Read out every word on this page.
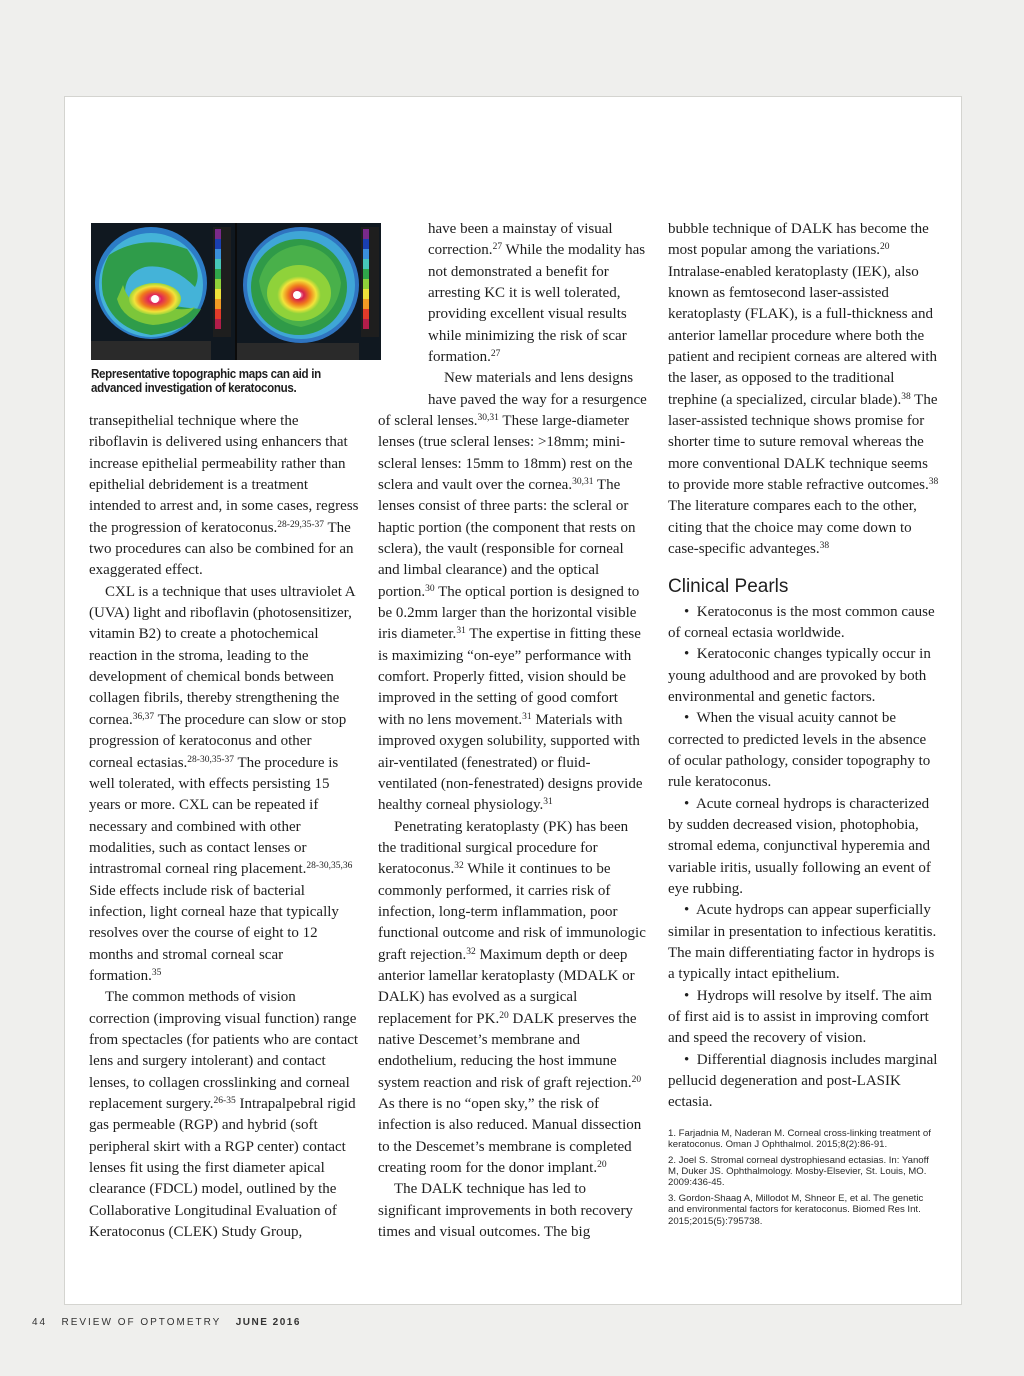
Representative topographic maps can aid in advanced investigation of keratoconus.

transepithelial technique where the riboflavin is delivered using enhancers that increase epithelial permeability rather than epithelial debridement is a treatment intended to arrest and, in some cases, regress the progression of keratoconus.$^{28-29,35-37}$ The two procedures can also be combined for an exaggerated effect.

CXL is a technique that uses ultraviolet A (UVA) light and riboflavin (photosensitizer, vitamin B2) to create a photochemical reaction in the stroma, leading to the development of chemical bonds between collagen fibrils, thereby strengthening the cornea.$^{36,37}$ The procedure can slow or stop progression of keratoconus and other corneal ectasias.$^{28-30,35-37}$ The procedure is well tolerated, with effects persisting 15 years or more. CXL can be repeated if necessary and combined with other modalities, such as contact lenses or intrastromal corneal ring placement.$^{28-30,35,36}$ Side effects include risk of bacterial infection, light corneal haze that typically resolves over the course of eight to 12 months and stromal corneal scar formation.$^{35}$

The common methods of vision correction (improving visual function) range from spectacles (for patients who are contact lens and surgery intolerant) and contact lenses, to collagen crosslinking and corneal replacement surgery.$^{26-35}$ Intrapalpebral rigid gas permeable (RGP) and hybrid (soft peripheral skirt with a RGP center) contact lenses fit using the first diameter apical clearance (FDCL) model, outlined by the Collaborative Longitudinal Evaluation of Keratoconus (CLEK) Study Group,

have been a mainstay of visual correction.$^{27}$ While the modality has not demonstrated a benefit for arresting KC it is well tolerated, providing excellent visual results while minimizing the risk of scar formation.$^{27}$

New materials and lens designs
have paved the way for a resurgence

of scleral lenses.$^{30,31}$ These large-diameter lenses (true scleral lenses: >18mm; mini-scleral lenses: 15mm to 18mm) rest on the sclera and vault over the cornea.$^{30,31}$ The lenses consist of three parts: the scleral or haptic portion (the component that rests on sclera), the vault (responsible for corneal and limbal clearance) and the optical portion.$^{30}$ The optical portion is designed to be 0.2mm larger than the horizontal visible iris diameter.$^{31}$ The expertise in fitting these is maximizing “on-eye” performance with comfort. Properly fitted, vision should be improved in the setting of good comfort with no lens movement.$^{31}$ Materials with improved oxygen solubility, supported with air-ventilated (fenestrated) or fluid-ventilated (non-fenestrated) designs provide healthy corneal physiology.$^{31}$

Penetrating keratoplasty (PK) has been the traditional surgical procedure for keratoconus.$^{32}$ While it continues to be commonly performed, it carries risk of infection, long-term inflammation, poor functional outcome and risk of immunologic graft rejection.$^{32}$ Maximum depth or deep anterior lamellar keratoplasty (MDALK or DALK) has evolved as a surgical replacement for PK.$^{20}$ DALK preserves the native Descemet’s membrane and endothelium, reducing the host immune system reaction and risk of graft rejection.$^{20}$ As there is no “open sky,” the risk of infection is also reduced. Manual dissection to the Descemet’s membrane is completed creating room for the donor implant.$^{20}$

The DALK technique has led to significant improvements in both recovery times and visual outcomes. The big

bubble technique of DALK has become the most popular among the variations.$^{20}$ Intralase-enabled keratoplasty (IEK), also known as femtosecond laser-assisted keratoplasty (FLAK), is a full-thickness and anterior lamellar procedure where both the patient and recipient corneas are altered with the laser, as opposed to the traditional trephine (a specialized, circular blade).$^{38}$ The laser-assisted technique shows promise for shorter time to suture removal whereas the more conventional DALK technique seems to provide more stable refractive outcomes.$^{38}$ The literature compares each to the other, citing that the choice may come down to case-specific advanteges.$^{38}$

Clinical Pearls

•  Keratoconus is the most common cause of corneal ectasia worldwide.

•  Keratoconic changes typically occur in young adulthood and are provoked by both environmental and genetic factors.

•  When the visual acuity cannot be corrected to predicted levels in the absence of ocular pathology, consider topography to rule keratoconus.

•  Acute corneal hydrops is characterized by sudden decreased vision, photophobia, stromal edema, conjunctival hyperemia and variable iritis, usually following an event of eye rubbing.

•  Acute hydrops can appear superficially similar in presentation to infectious keratitis. The main differentiating factor in hydrops is a typically intact epithelium.

•  Hydrops will resolve by itself. The aim of first aid is to assist in improving comfort and speed the recovery of vision.

•  Differential diagnosis includes marginal pellucid degeneration and post-LASIK ectasia.

1. Farjadnia M, Naderan M. Corneal cross-linking treatment of keratoconus. Oman J Ophthalmol. 2015;8(2):86-91.
2. Joel S. Stromal corneal dystrophiesand ectasias. In: Yanoff M, Duker JS. Ophthalmology. Mosby-Elsevier, St. Louis, MO. 2009:436-45.
3. Gordon-Shaag A, Millodot M, Shneor E, et al. The genetic and environmental factors for keratoconus. Biomed Res Int. 2015;2015(5):795738.
44 REVIEW OF OPTOMETRY JUNE 2016
